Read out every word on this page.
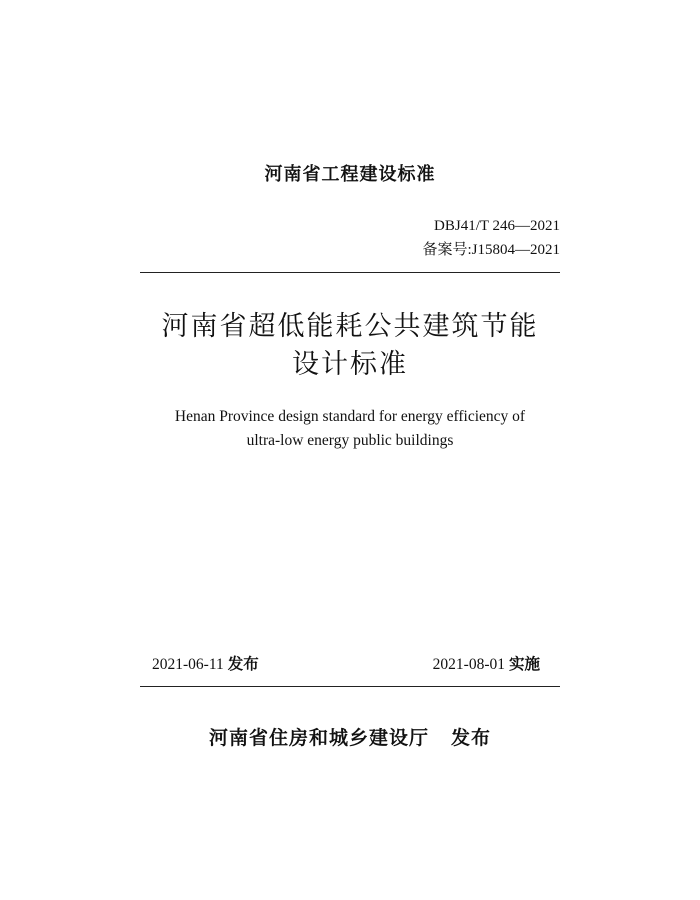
河南省工程建设标准
DBJ41/T 246—2021
备案号:J15804—2021
河南省超低能耗公共建筑节能
设计标准
Henan Province design standard for energy efficiency of
ultra-low energy public buildings
2021-06-11 发布	2021-08-01 实施
河南省住房和城乡建设厅 发布
